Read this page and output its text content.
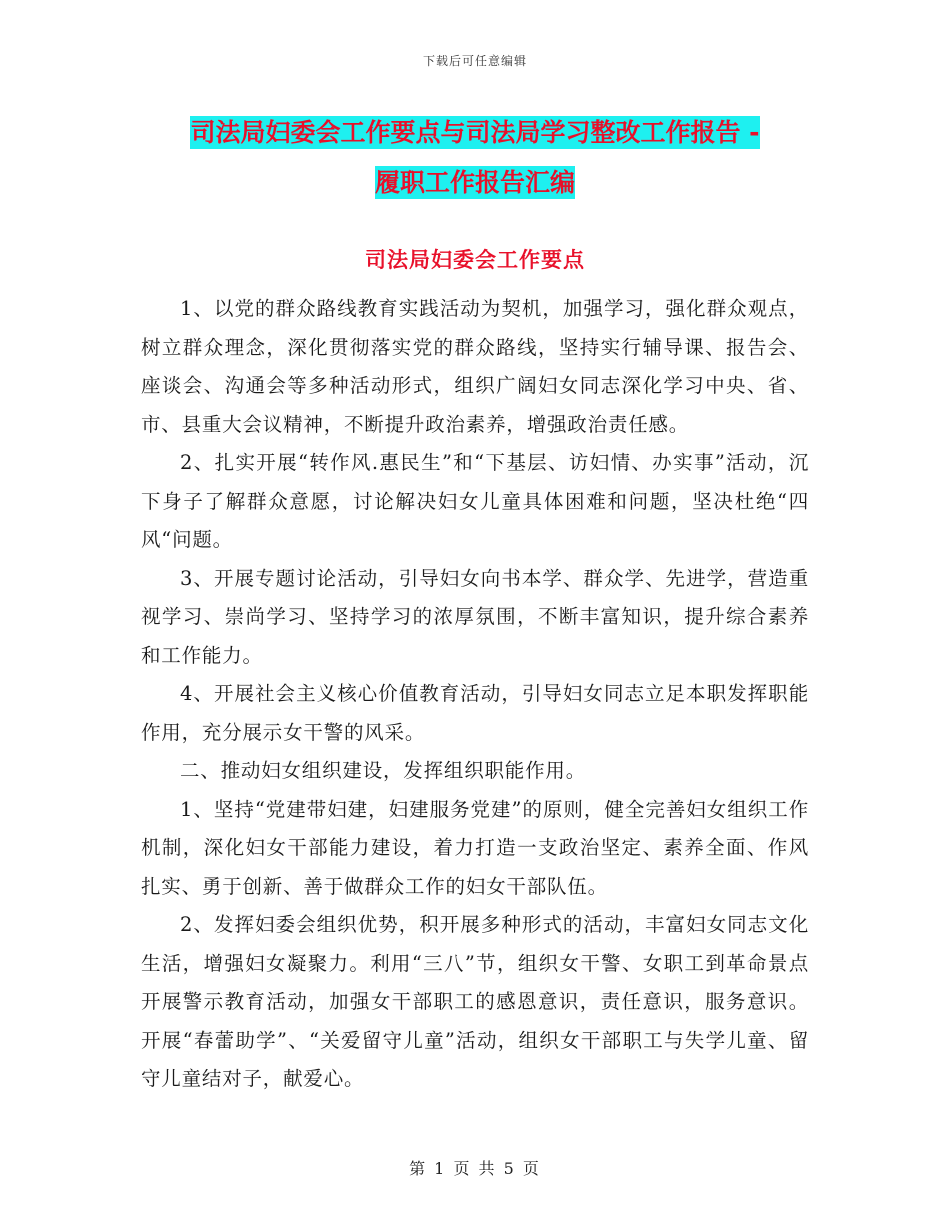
下载后可任意编辑
司法局妇委会工作要点与司法局学习整改工作报告 -
履职工作报告汇编
司法局妇委会工作要点

1、以党的群众路线教育实践活动为契机，加强学习，强化群众观点，树立群众理念，深化贯彻落实党的群众路线，坚持实行辅导课、报告会、座谈会、沟通会等多种活动形式，组织广阔妇女同志深化学习中央、省、市、县重大会议精神，不断提升政治素养，增强政治责任感。

2、扎实开展“转作风.惠民生”和“下基层、访妇情、办实事”活动，沉下身子了解群众意愿，讨论解决妇女儿童具体困难和问题，坚决杜绝“四风“问题。

3、开展专题讨论活动，引导妇女向书本学、群众学、先进学，营造重视学习、崇尚学习、坚持学习的浓厚氛围，不断丰富知识，提升综合素养和工作能力。

4、开展社会主义核心价值教育活动，引导妇女同志立足本职发挥职能作用，充分展示女干警的风采。

二、推动妇女组织建设，发挥组织职能作用。

1、坚持“党建带妇建，妇建服务党建”的原则，健全完善妇女组织工作机制，深化妇女干部能力建设，着力打造一支政治坚定、素养全面、作风扎实、勇于创新、善于做群众工作的妇女干部队伍。

2、发挥妇委会组织优势，积开展多种形式的活动，丰富妇女同志文化生活，增强妇女凝聚力。利用“三八”节，组织女干警、女职工到革命景点开展警示教育活动，加强女干部职工的感恩意识，责任意识，服务意识。开展“春蕾助学”、“关爱留守儿童”活动，组织女干部职工与失学儿童、留守儿童结对子，献爱心。

第 1 页 共 5 页
